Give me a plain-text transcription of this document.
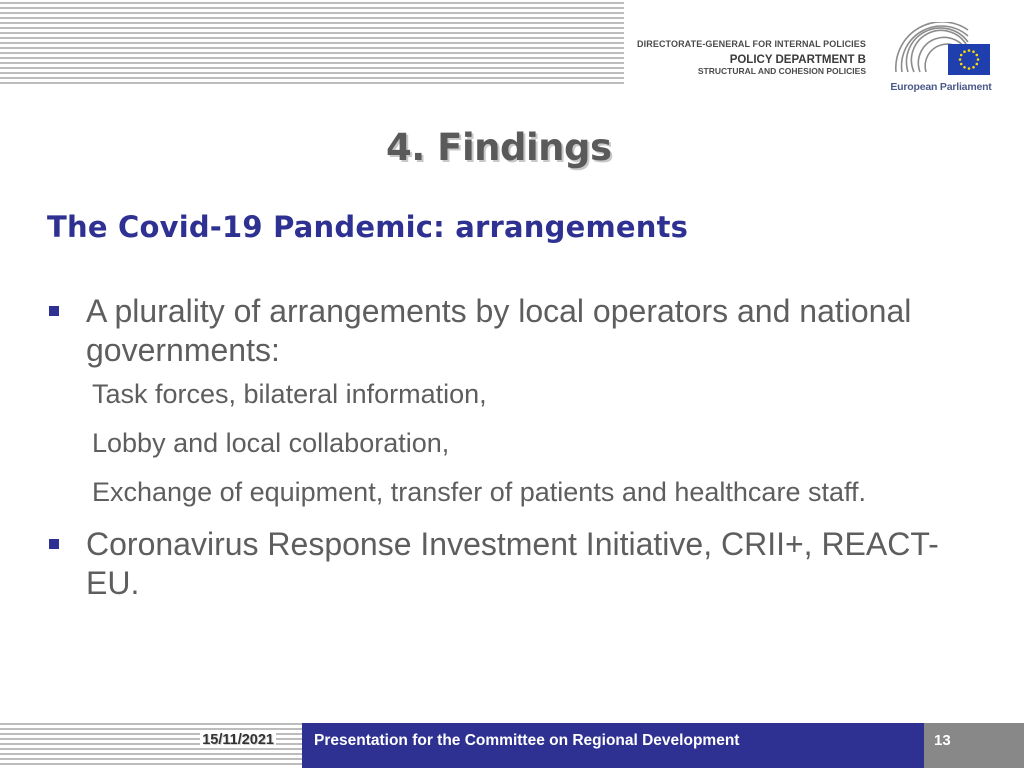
DIRECTORATE-GENERAL FOR INTERNAL POLICIES
POLICY DEPARTMENT B
STRUCTURAL AND COHESION POLICIES
European Parliament
4. Findings
The Covid-19 Pandemic: arrangements
A plurality of arrangements by local operators and national governments:
Task forces, bilateral information,
Lobby and local collaboration,
Exchange of equipment, transfer of patients and healthcare staff.
Coronavirus Response Investment Initiative, CRII+, REACT-EU.
15/11/2021	Presentation for the Committee on Regional Development	13
